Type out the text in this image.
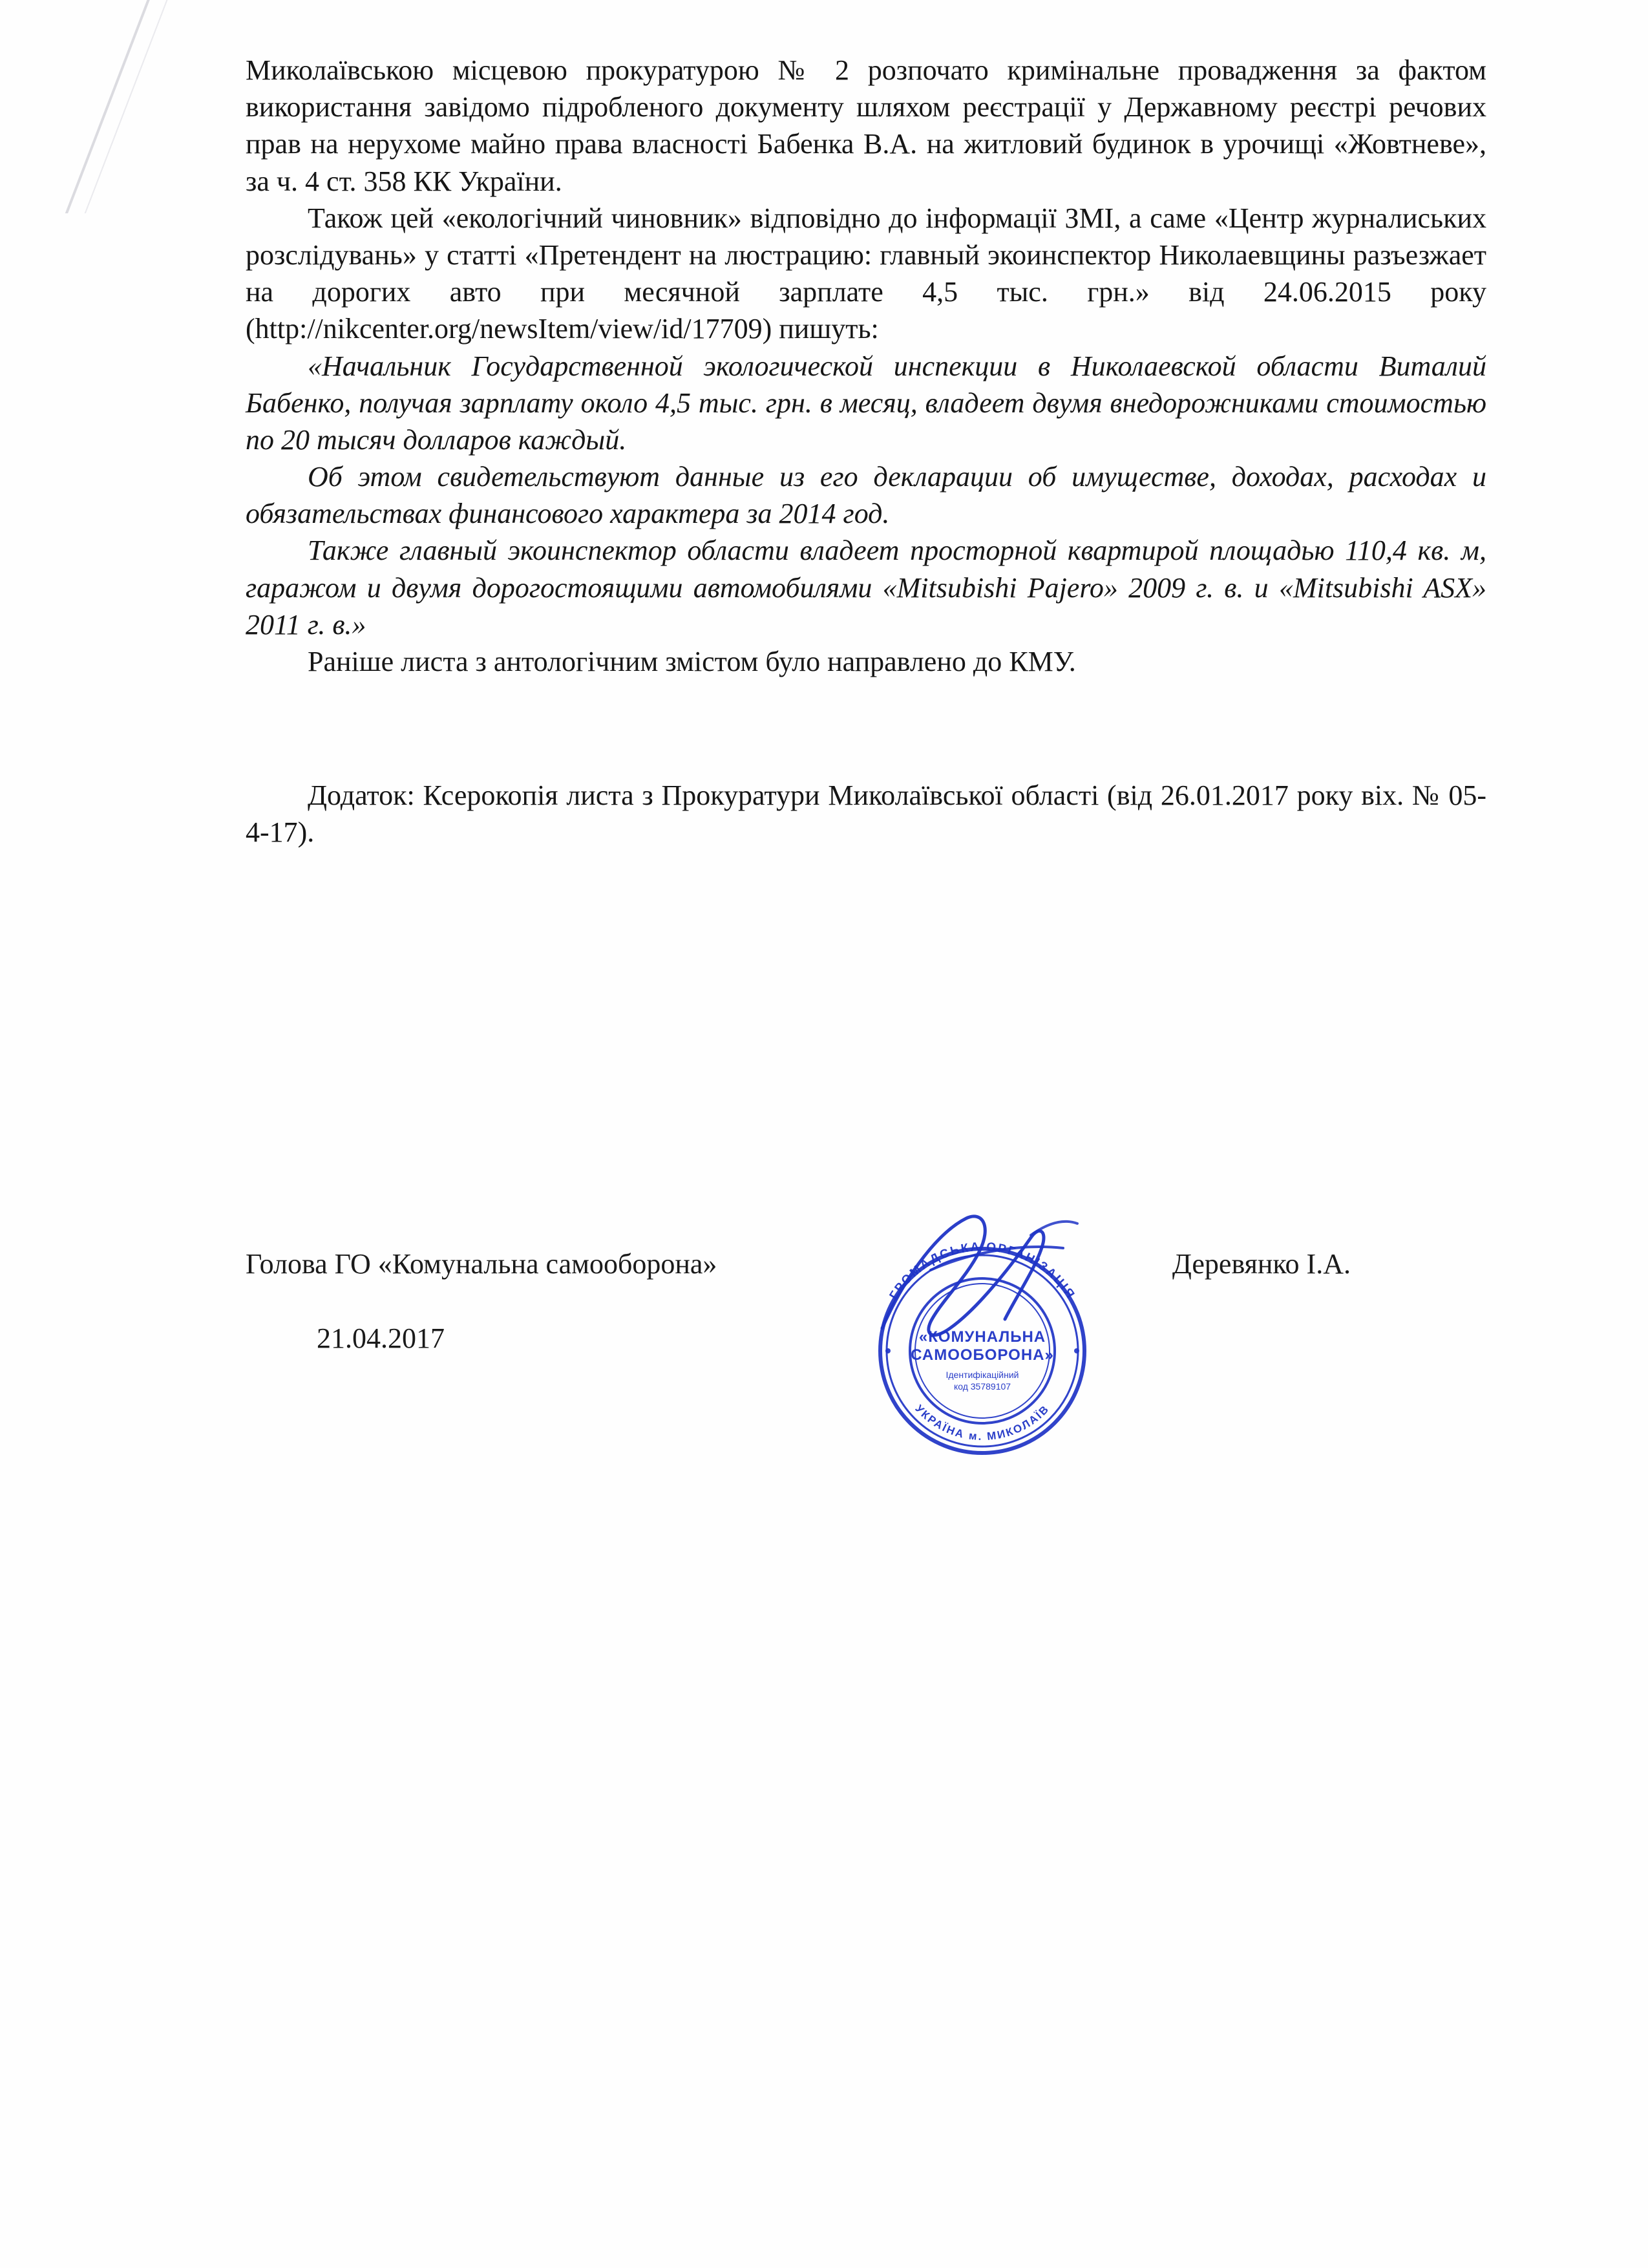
Миколаївською місцевою прокуратурою № 2 розпочато кримінальне провадження за фактом використання завідомо підробленого документу шляхом реєстрації у Державному реєстрі речових прав на нерухоме майно права власності Бабенка В.А. на житловий будинок в урочищі «Жовтневе», за ч. 4 ст. 358 КК України.

Також цей «екологічний чиновник» відповідно до інформації ЗМІ, а саме «Центр журналиських розслідувань» у статті «Претендент на люстрацию: главный экоинспектор Николаевщины разъезжает на дорогих авто при месячной зарплате 4,5 тыс. грн.» від 24.06.2015 року (http://nikcenter.org/newsItem/view/id/17709) пишуть:

«Начальник Государственной экологической инспекции в Николаевской области Виталий Бабенко, получая зарплату около 4,5 тыс. грн. в месяц, владеет двумя внедорожниками стоимостью по 20 тысяч долларов каждый.

Об этом свидетельствуют данные из его декларации об имуществе, доходах, расходах и обязательствах финансового характера за 2014 год.

Также главный экоинспектор области владеет просторной квартирой площадью 110,4 кв. м, гаражом и двумя дорогостоящими автомобилями «Mitsubishi Pajero» 2009 г. в. и «Mitsubishi ASX» 2011 г. в.»

Раніше листа з антологічним змістом було направлено до КМУ.

Додаток: Ксерокопія листа з Прокуратури Миколаївської області (від 26.01.2017 року віх. № 05-4-17).

Голова ГО «Комунальна самооборона»	Деревянко І.А.
21.04.2017
ГРОМАДСЬКА ОРГАНІЗАЦІЯ
УКРАЇНА м. МИКОЛАЇВ
«КОМУНАЛЬНА
САМООБОРОНА»
Ідентифікаційний
код 35789107
